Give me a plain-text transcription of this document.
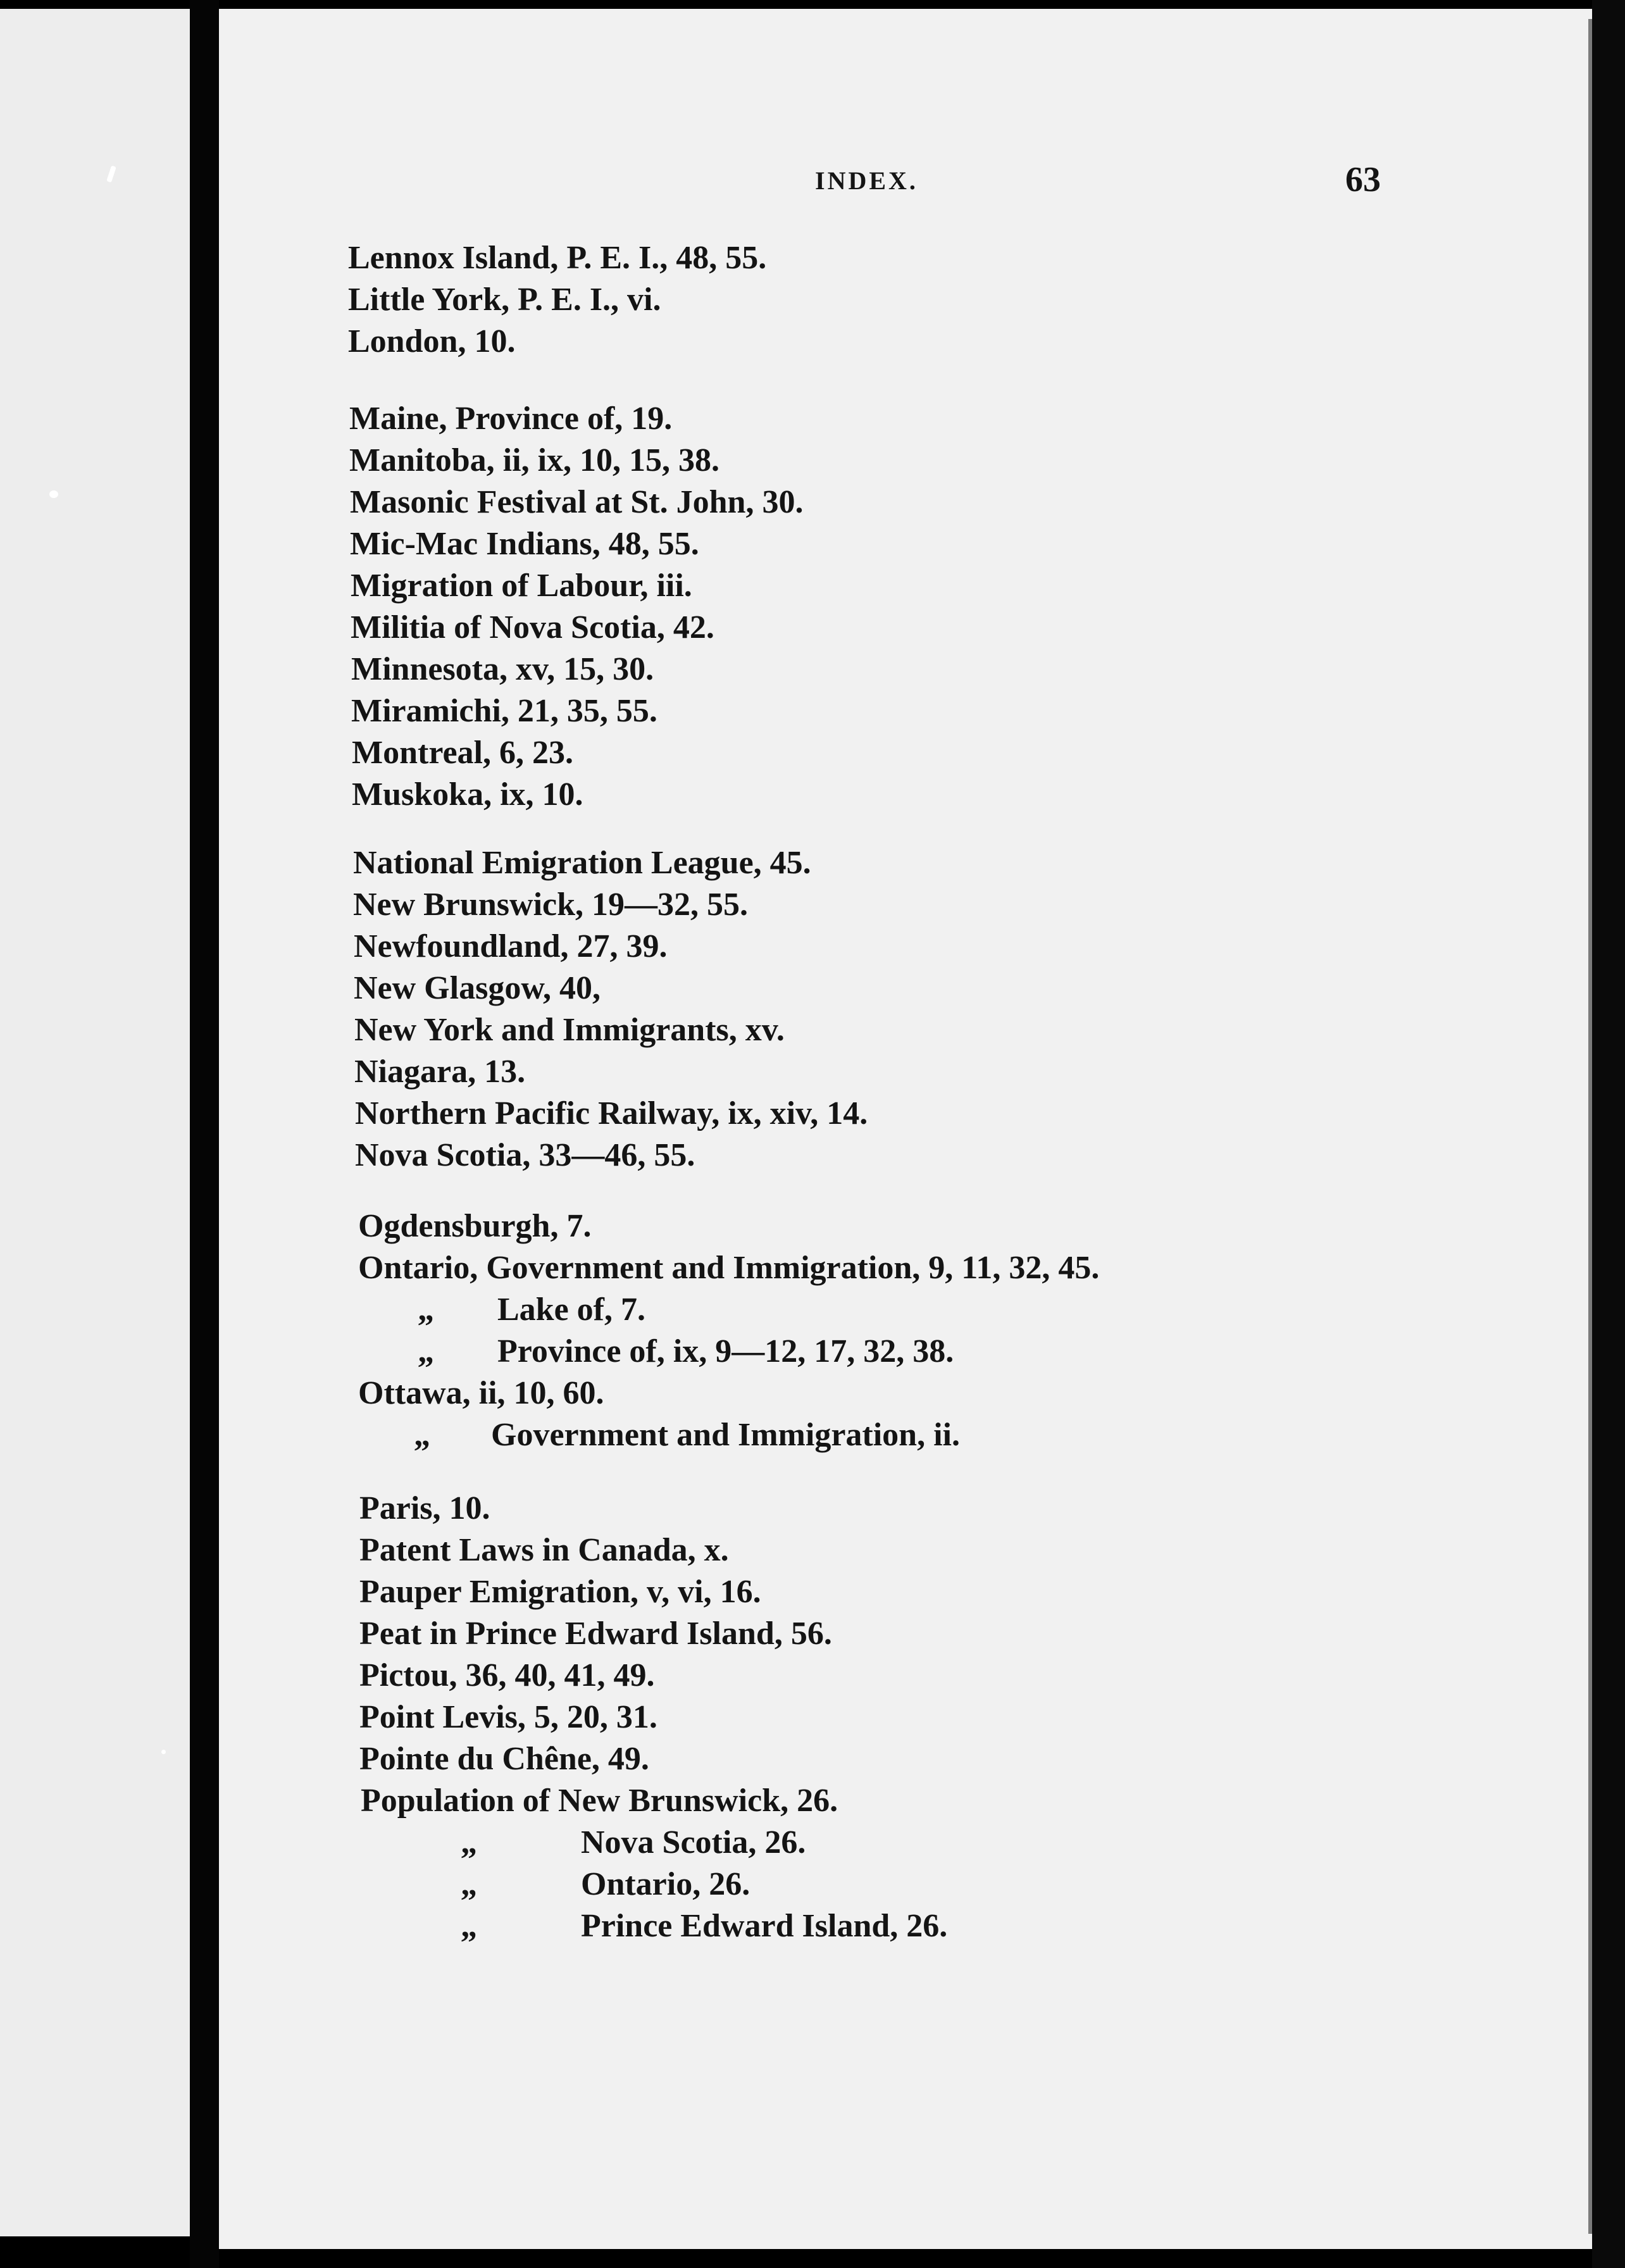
INDEX.	63
Lennox Island, P. E. I., 48, 55.
Little York, P. E. I., vi.
London, 10.
Maine, Province of, 19.
Manitoba, ii, ix, 10, 15, 38.
Masonic Festival at St. John, 30.
Mic-Mac Indians, 48, 55.
Migration of Labour, iii.
Militia of Nova Scotia, 42.
Minnesota, xv, 15, 30.
Miramichi, 21, 35, 55.
Montreal, 6, 23.
Muskoka, ix, 10.
National Emigration League, 45.
New Brunswick, 19—32, 55.
Newfoundland, 27, 39.
New Glasgow, 40,
New York and Immigrants, xv.
Niagara, 13.
Northern Pacific Railway, ix, xiv, 14.
Nova Scotia, 33—46, 55.
Ogdensburgh, 7.
Ontario, Government and Immigration, 9, 11, 32, 45.
„ Lake of, 7.
„ Province of, ix, 9—12, 17, 32, 38.
Ottawa, ii, 10, 60.
„ Government and Immigration, ii.
Paris, 10.
Patent Laws in Canada, x.
Pauper Emigration, v, vi, 16.
Peat in Prince Edward Island, 56.
Pictou, 36, 40, 41, 49.
Point Levis, 5, 20, 31.
Pointe du Chêne, 49.
Population of New Brunswick, 26.
„	Nova Scotia, 26.
„	Ontario, 26.
„	Prince Edward Island, 26.
